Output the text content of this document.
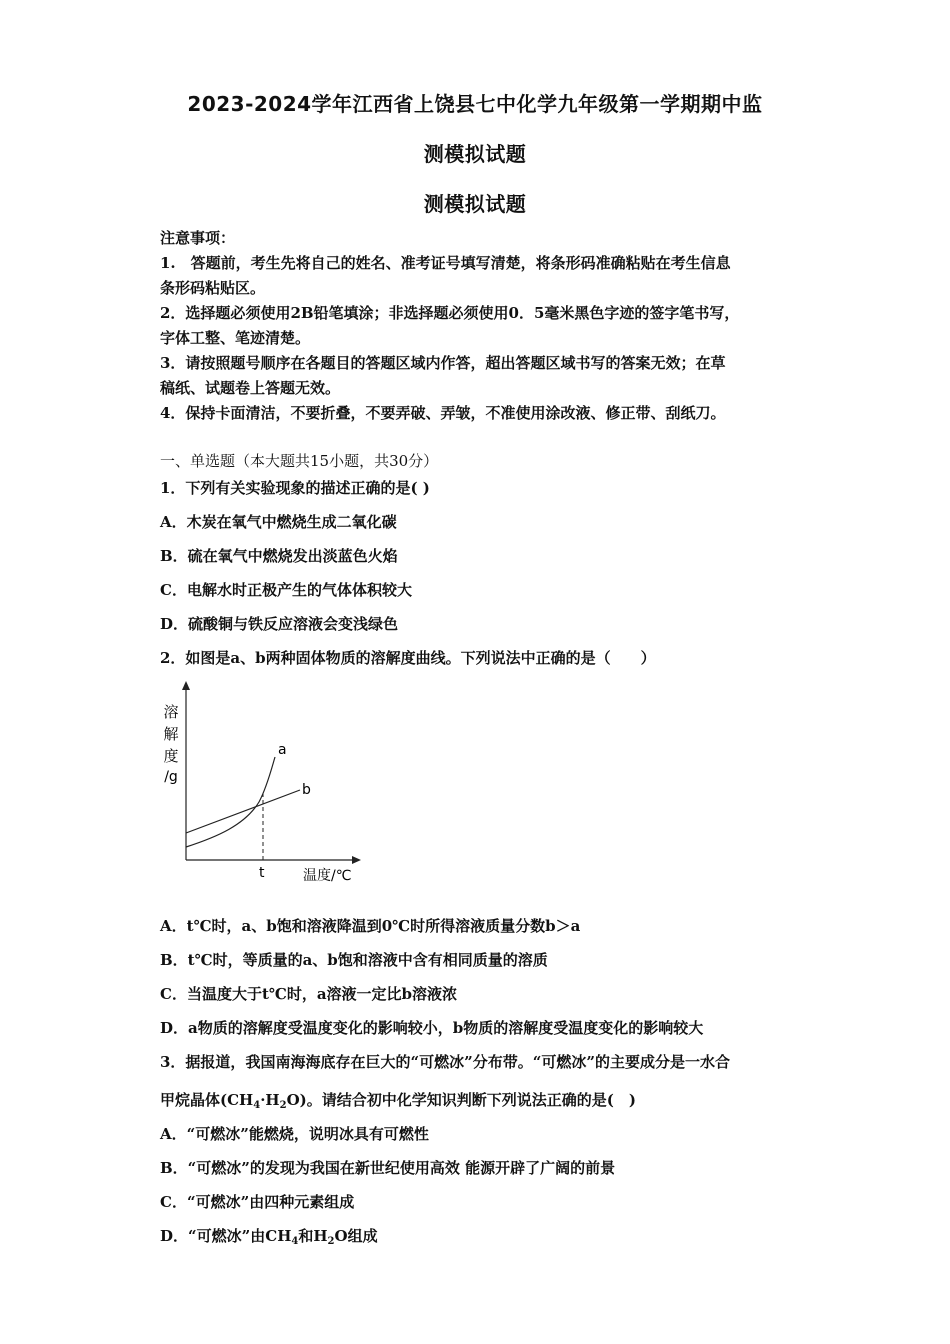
2023-2024学年江西省上饶县七中化学九年级第一学期期中监
测模拟试题
测模拟试题

注意事项：

1.　答题前，考生先将自己的姓名、准考证号填写清楚，将条形码准确粘贴在考生信息

条形码粘贴区。

2．选择题必须使用2B铅笔填涂；非选择题必须使用0．5毫米黑色字迹的签字笔书写，

字体工整、笔迹清楚。

3．请按照题号顺序在各题目的答题区域内作答，超出答题区域书写的答案无效；在草

稿纸、试题卷上答题无效。

4．保持卡面清洁，不要折叠，不要弄破、弄皱，不准使用涂改液、修正带、刮纸刀。

一、单选题（本大题共15小题，共30分）
1．下列有关实验现象的描述正确的是( )
A．木炭在氧气中燃烧生成二氧化碳
B．硫在氧气中燃烧发出淡蓝色火焰
C．电解水时正极产生的气体体积较大
D．硫酸铜与铁反应溶液会变浅绿色
2．如图是a、b两种固体物质的溶解度曲线。下列说法中正确的是（　　）
溶
解
度
/g
a
b
t	温度/℃
A．t℃时，a、b饱和溶液降温到0℃时所得溶液质量分数b＞a
B．t℃时，等质量的a、b饱和溶液中含有相同质量的溶质
C．当温度大于t℃时，a溶液一定比b溶液浓
D．a物质的溶解度受温度变化的影响较小，b物质的溶解度受温度变化的影响较大
3．据报道，我国南海海底存在巨大的“可燃冰”分布带。“可燃冰”的主要成分是一水合
甲烷晶体$(CH_4\cdot H_2O)$。请结合初中化学知识判断下列说法正确的是(　)
A．“可燃冰”能燃烧，说明冰具有可燃性
B．“可燃冰”的发现为我国在新世纪使用高效 能源开辟了广阔的前景
C．“可燃冰”由四种元素组成
D．“可燃冰”由$CH_4$和$H_2O$组成
